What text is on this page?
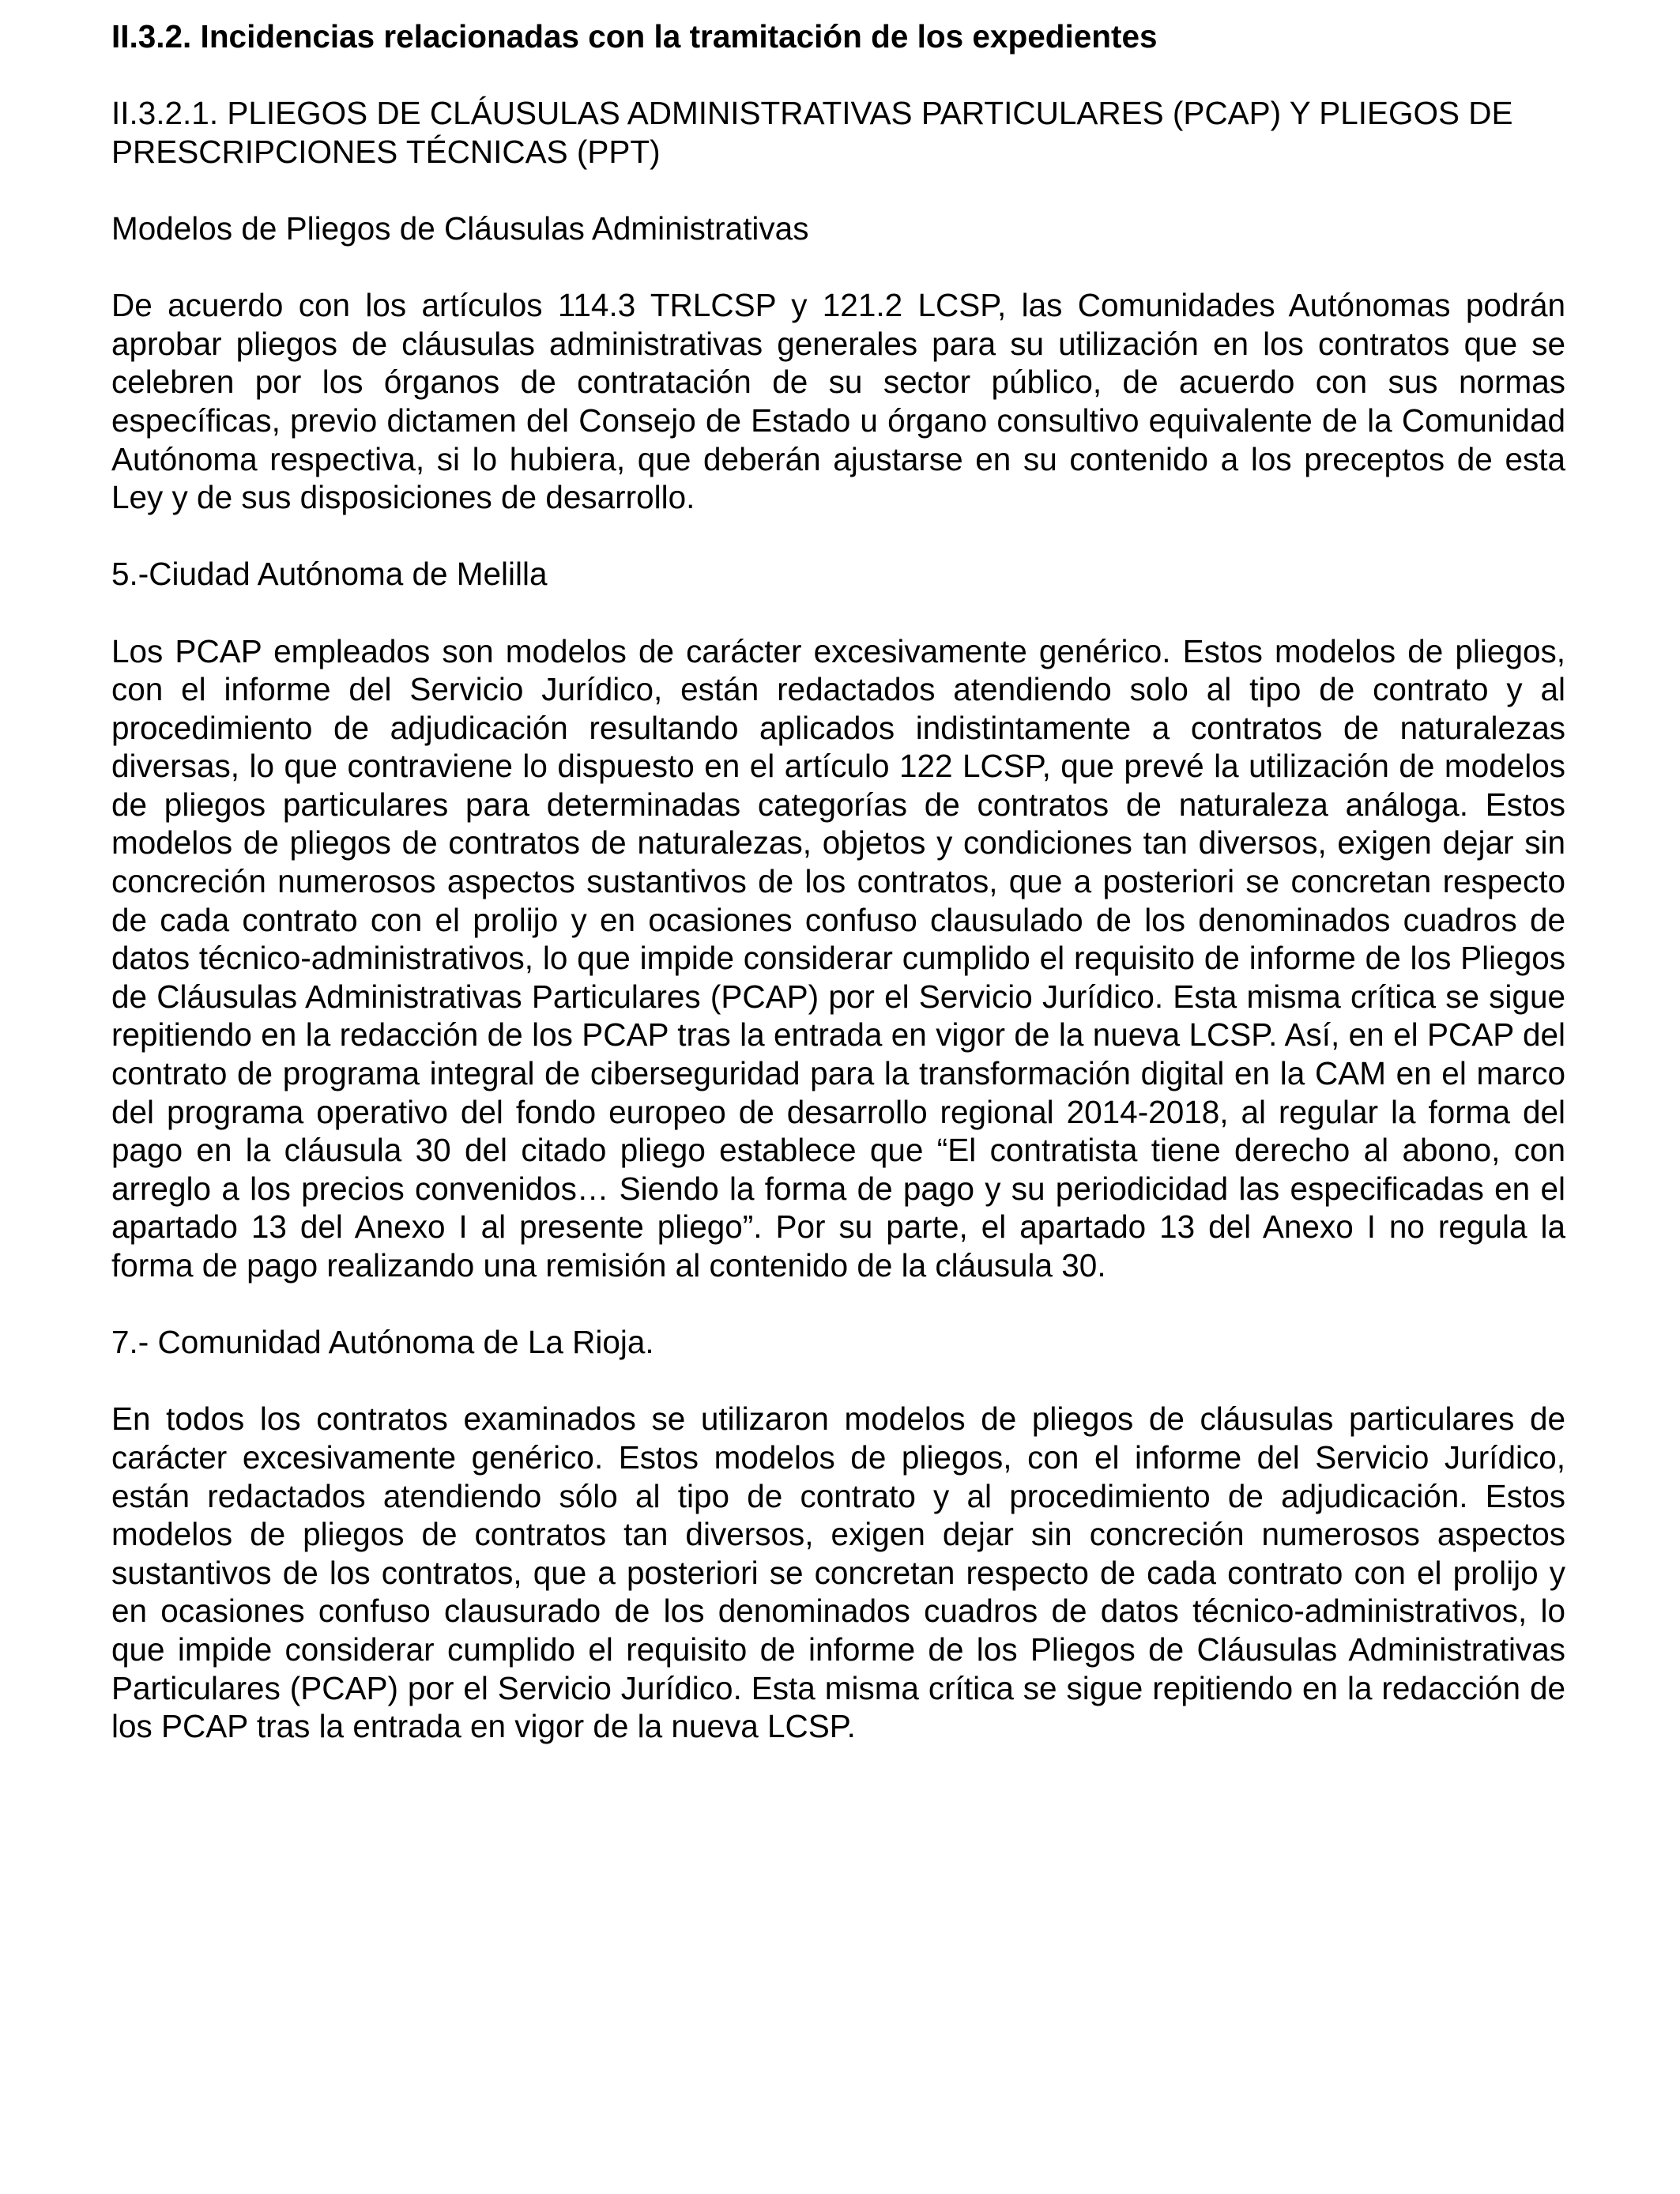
II.3.2. Incidencias relacionadas con la tramitación de los expedientes

II.3.2.1. PLIEGOS DE CLÁUSULAS ADMINISTRATIVAS PARTICULARES (PCAP) Y PLIEGOS DE PRESCRIPCIONES TÉCNICAS (PPT)

Modelos de Pliegos de Cláusulas Administrativas

De acuerdo con los artículos 114.3 TRLCSP y 121.2 LCSP, las Comunidades Autónomas podrán aprobar pliegos de cláusulas administrativas generales para su utilización en los contratos que se celebren por los órganos de contratación de su sector público, de acuerdo con sus normas específicas, previo dictamen del Consejo de Estado u órgano consultivo equivalente de la Comunidad Autónoma respectiva, si lo hubiera, que deberán ajustarse en su contenido a los preceptos de esta Ley y de sus disposiciones de desarrollo.

5.-Ciudad Autónoma de Melilla

Los PCAP empleados son modelos de carácter excesivamente genérico. Estos modelos de pliegos, con el informe del Servicio Jurídico, están redactados atendiendo solo al tipo de contrato y al procedimiento de adjudicación resultando aplicados indistintamente a contratos de naturalezas diversas, lo que contraviene lo dispuesto en el artículo 122 LCSP, que prevé la utilización de modelos de pliegos particulares para determinadas categorías de contratos de naturaleza análoga. Estos modelos de pliegos de contratos de naturalezas, objetos y condiciones tan diversos, exigen dejar sin concreción numerosos aspectos sustantivos de los contratos, que a posteriori se concretan respecto de cada contrato con el prolijo y en ocasiones confuso clausulado de los denominados cuadros de datos técnico-administrativos, lo que impide considerar cumplido el requisito de informe de los Pliegos de Cláusulas Administrativas Particulares (PCAP) por el Servicio Jurídico. Esta misma crítica se sigue repitiendo en la redacción de los PCAP tras la entrada en vigor de la nueva LCSP. Así, en el PCAP del contrato de programa integral de ciberseguridad para la transformación digital en la CAM en el marco del programa operativo del fondo europeo de desarrollo regional 2014-2018, al regular la forma del pago en la cláusula 30 del citado pliego establece que “El contratista tiene derecho al abono, con arreglo a los precios convenidos… Siendo la forma de pago y su periodicidad las especificadas en el apartado 13 del Anexo I al presente pliego”. Por su parte, el apartado 13 del Anexo I no regula la forma de pago realizando una remisión al contenido de la cláusula 30.

7.- Comunidad Autónoma de La Rioja.

En todos los contratos examinados se utilizaron modelos de pliegos de cláusulas particulares de carácter excesivamente genérico. Estos modelos de pliegos, con el informe del Servicio Jurídico, están redactados atendiendo sólo al tipo de contrato y al procedimiento de adjudicación. Estos modelos de pliegos de contratos tan diversos, exigen dejar sin concreción numerosos aspectos sustantivos de los contratos, que a posteriori se concretan respecto de cada contrato con el prolijo y en ocasiones confuso clausurado de los denominados cuadros de datos técnico-administrativos, lo que impide considerar cumplido el requisito de informe de los Pliegos de Cláusulas Administrativas Particulares (PCAP) por el Servicio Jurídico. Esta misma crítica se sigue repitiendo en la redacción de los PCAP tras la entrada en vigor de la nueva LCSP.
